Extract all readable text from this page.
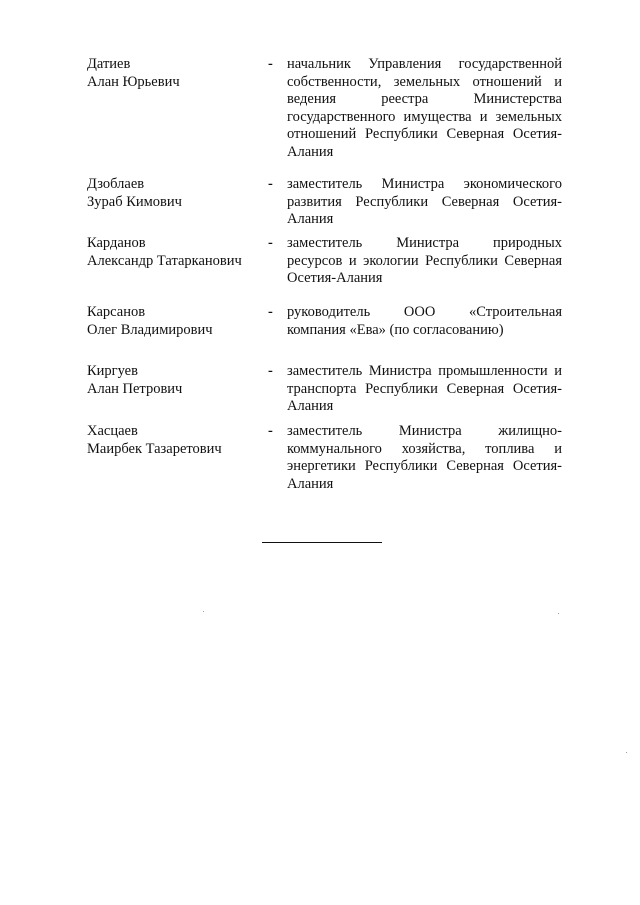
Датиев
Алан Юрьевич
- начальник Управления государственной
собственности, земельных отношений и
ведения реестра Министерства
государственного имущества и земельных
отношений Республики Северная Осетия-
Алания
Дзоблаев
Зураб Кимович
- заместитель Министра экономического
развития Республики Северная Осетия-
Алания
Карданов
Александр Татарканович
- заместитель Министра природных
ресурсов и экологии Республики Северная
Осетия-Алания
Карсанов
Олег Владимирович
- руководитель ООО «Строительная
компания «Ева» (по согласованию)
Киргуев
Алан Петрович
- заместитель Министра промышленности и
транспорта Республики Северная Осетия-
Алания
Хасцаев
Маирбек Тазаретович
- заместитель Министра жилищно-
коммунального хозяйства, топлива и
энергетики Республики Северная Осетия-
Алания
